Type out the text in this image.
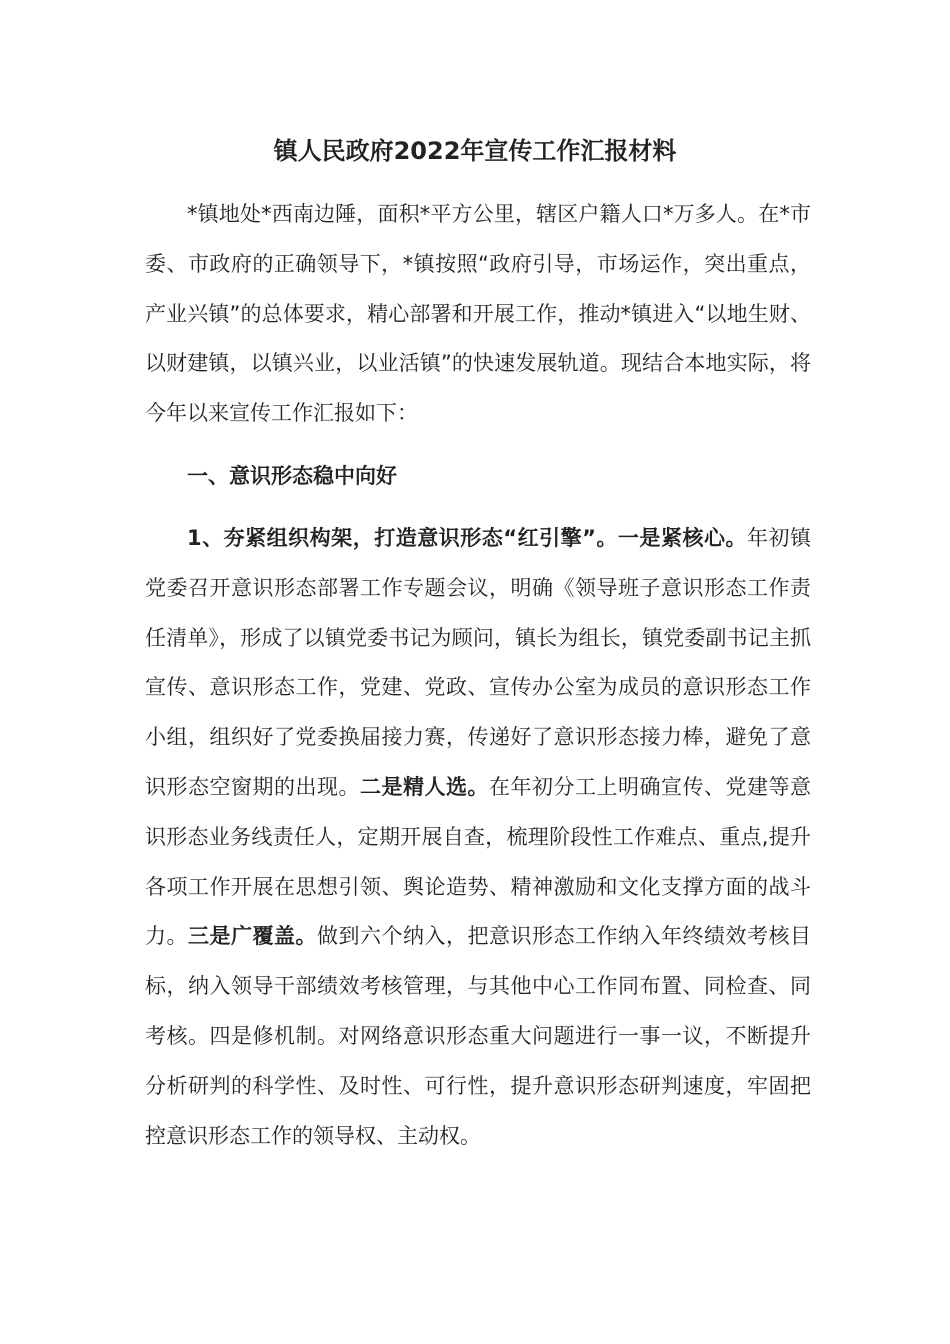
镇人民政府2022年宣传工作汇报材料

*镇地处*西南边陲，面积*平方公里，辖区户籍人口*万多人。在*市委、市政府的正确领导下，*镇按照“政府引导，市场运作，突出重点，产业兴镇”的总体要求，精心部署和开展工作，推动*镇进入“以地生财、以财建镇，以镇兴业，以业活镇”的快速发展轨道。现结合本地实际，将今年以来宣传工作汇报如下：

一、意识形态稳中向好

1、夯紧组织构架，打造意识形态“红引擎”。一是紧核心。年初镇党委召开意识形态部署工作专题会议，明确《领导班子意识形态工作责任清单》，形成了以镇党委书记为顾问，镇长为组长，镇党委副书记主抓宣传、意识形态工作，党建、党政、宣传办公室为成员的意识形态工作小组，组织好了党委换届接力赛，传递好了意识形态接力棒，避免了意识形态空窗期的出现。二是精人选。在年初分工上明确宣传、党建等意识形态业务线责任人，定期开展自查，梳理阶段性工作难点、重点,提升各项工作开展在思想引领、舆论造势、精神激励和文化支撑方面的战斗力。三是广覆盖。做到六个纳入，把意识形态工作纳入年终绩效考核目标，纳入领导干部绩效考核管理，与其他中心工作同布置、同检查、同考核。四是修机制。对网络意识形态重大问题进行一事一议，不断提升分析研判的科学性、及时性、可行性，提升意识形态研判速度，牢固把控意识形态工作的领导权、主动权。
